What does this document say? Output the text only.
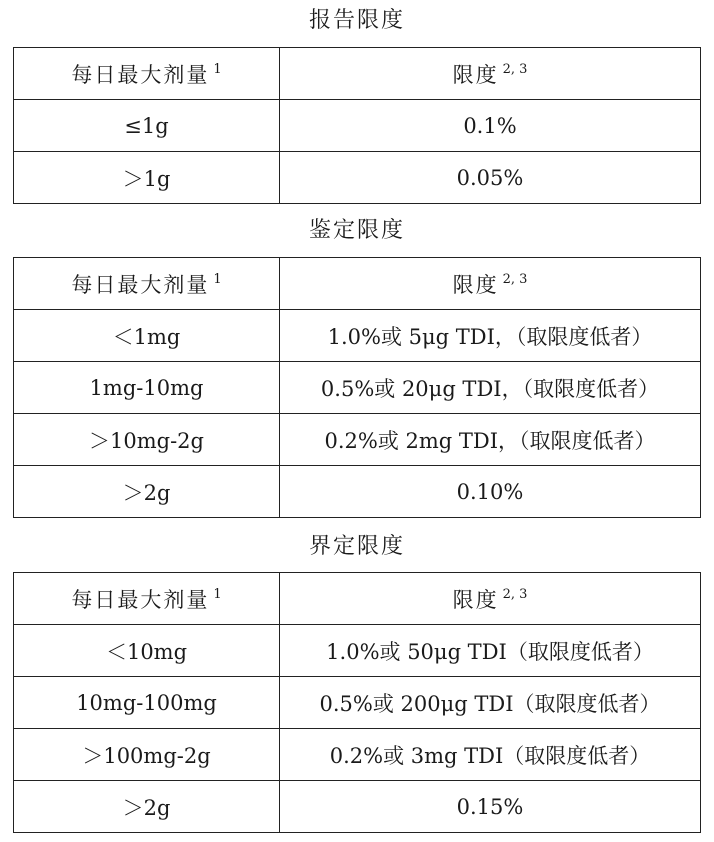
报告限度
每日最大剂量 $^1$	限度 $^{2, 3}$
≤1g	0.1%
＞1g	0.05%
鉴定限度
每日最大剂量 $^1$	限度 $^{2, 3}$
＜1mg	1.0%或 5μg TDI，（取限度低者）
1mg-10mg	0.5%或 20μg TDI，（取限度低者）
＞10mg-2g	0.2%或 2mg TDI，（取限度低者）
＞2g	0.10%
界定限度
每日最大剂量 $^1$	限度 $^{2, 3}$
＜10mg	1.0%或 50μg TDI（取限度低者）
10mg-100mg	0.5%或 200μg TDI（取限度低者）
＞100mg-2g	0.2%或 3mg TDI（取限度低者）
＞2g	0.15%
